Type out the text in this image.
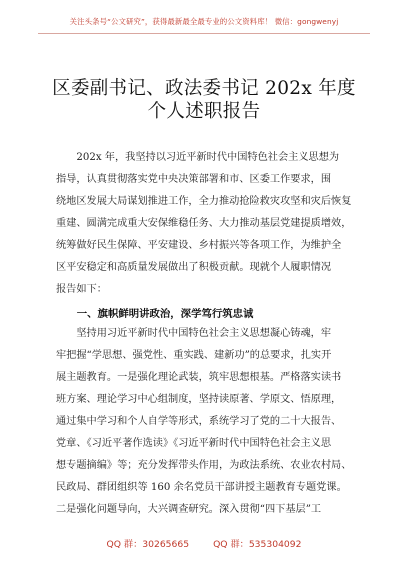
关注头条号“公文研究”，获得最新最全最专业的公文资料库！ 微信：gongwenyj
区委副书记、政法委书记 202x 年度
个人述职报告
　　202x 年，我坚持以习近平新时代中国特色社会主义思想为
指导，认真贯彻落实党中央决策部署和市、区委工作要求，围
绕地区发展大局谋划推进工作，全力推动抢险救灾攻坚和灾后恢复
重建、圆满完成重大安保维稳任务、大力推动基层党建提质增效，
统筹做好民生保障、平安建设、乡村振兴等各项工作，为维护全
区平安稳定和高质量发展做出了积极贡献。现就个人履职情况
报告如下：
　　一、旗帜鲜明讲政治，深学笃行筑忠诚
　　坚持用习近平新时代中国特色社会主义思想凝心铸魂，牢
牢把握“学思想、强党性、重实践、建新功”的总要求，扎实开
展主题教育。一是强化理论武装，筑牢思想根基。严格落实读书
班方案、理论学习中心组制度，坚持读原著、学原文、悟原理，
通过集中学习和个人自学等形式，系统学习了党的二十大报告、
党章、《习近平著作选读》《习近平新时代中国特色社会主义思
想专题摘编》等；充分发挥带头作用，为政法系统、农业农村局、
民政局、群团组织等 160 余名党员干部讲授主题教育专题党课。
二是强化问题导向，大兴调查研究。深入贯彻“四下基层”工
QQ 群：30265665	QQ 群：535304092
